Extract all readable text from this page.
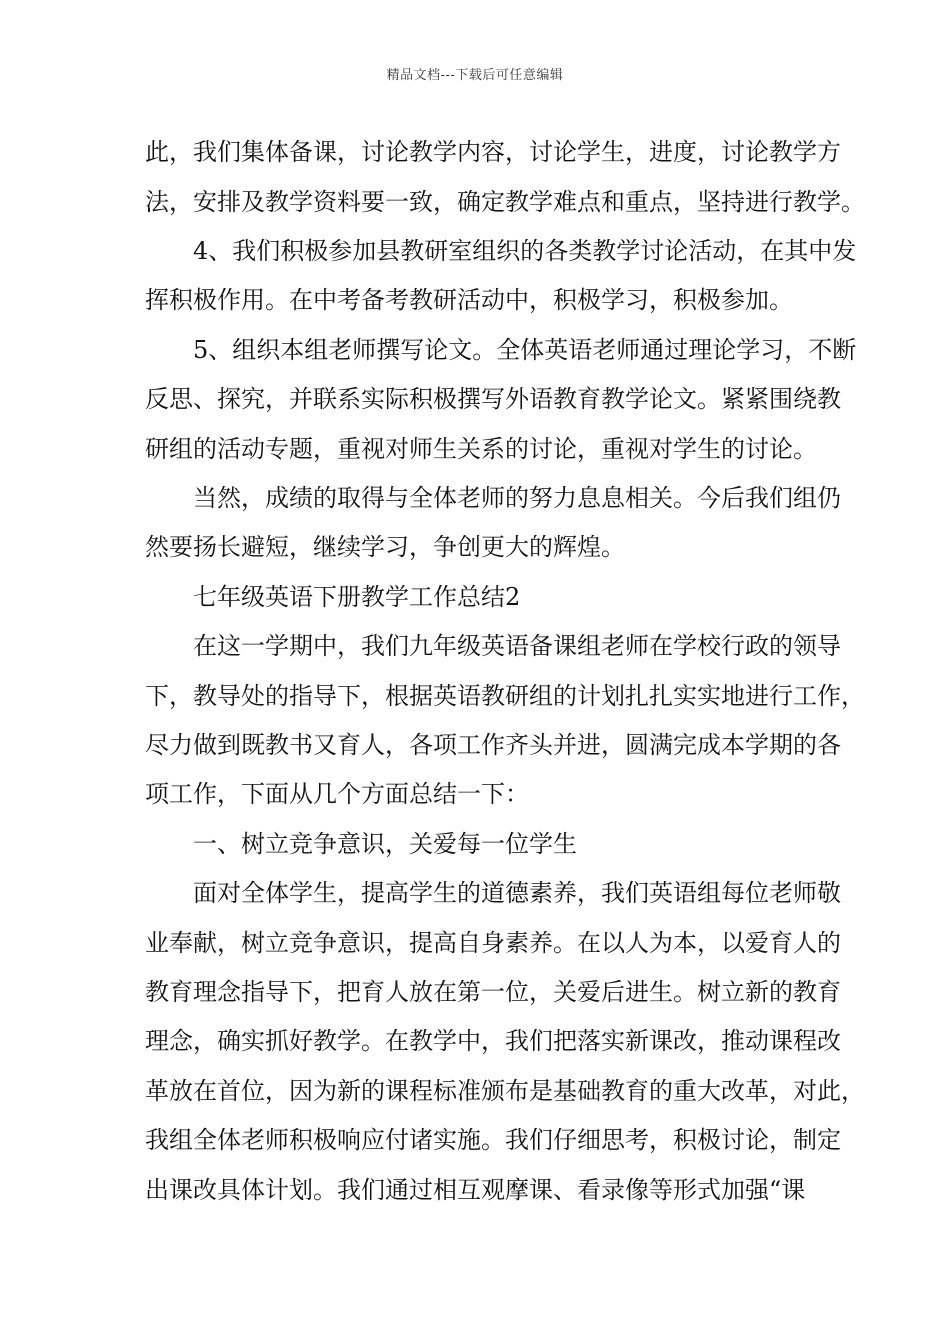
精品文档---下载后可任意编辑
此，我们集体备课，讨论教学内容，讨论学生，进度，讨论教学方
法，安排及教学资料要一致，确定教学难点和重点，坚持进行教学。
4、我们积极参加县教研室组织的各类教学讨论活动，在其中发
挥积极作用。在中考备考教研活动中，积极学习，积极参加。
5、组织本组老师撰写论文。全体英语老师通过理论学习，不断
反思、探究，并联系实际积极撰写外语教育教学论文。紧紧围绕教
研组的活动专题，重视对师生关系的讨论，重视对学生的讨论。
当然，成绩的取得与全体老师的努力息息相关。今后我们组仍
然要扬长避短，继续学习，争创更大的辉煌。
七年级英语下册教学工作总结2
在这一学期中，我们九年级英语备课组老师在学校行政的领导
下，教导处的指导下，根据英语教研组的计划扎扎实实地进行工作，
尽力做到既教书又育人，各项工作齐头并进，圆满完成本学期的各
项工作，下面从几个方面总结一下：
一、树立竞争意识，关爱每一位学生
面对全体学生，提高学生的道德素养，我们英语组每位老师敬
业奉献，树立竞争意识，提高自身素养。在以人为本，以爱育人的
教育理念指导下，把育人放在第一位，关爱后进生。树立新的教育
理念，确实抓好教学。在教学中，我们把落实新课改，推动课程改
革放在首位，因为新的课程标准颁布是基础教育的重大改革，对此，
我组全体老师积极响应付诸实施。我们仔细思考，积极讨论，制定
出课改具体计划。我们通过相互观摩课、看录像等形式加强“课
